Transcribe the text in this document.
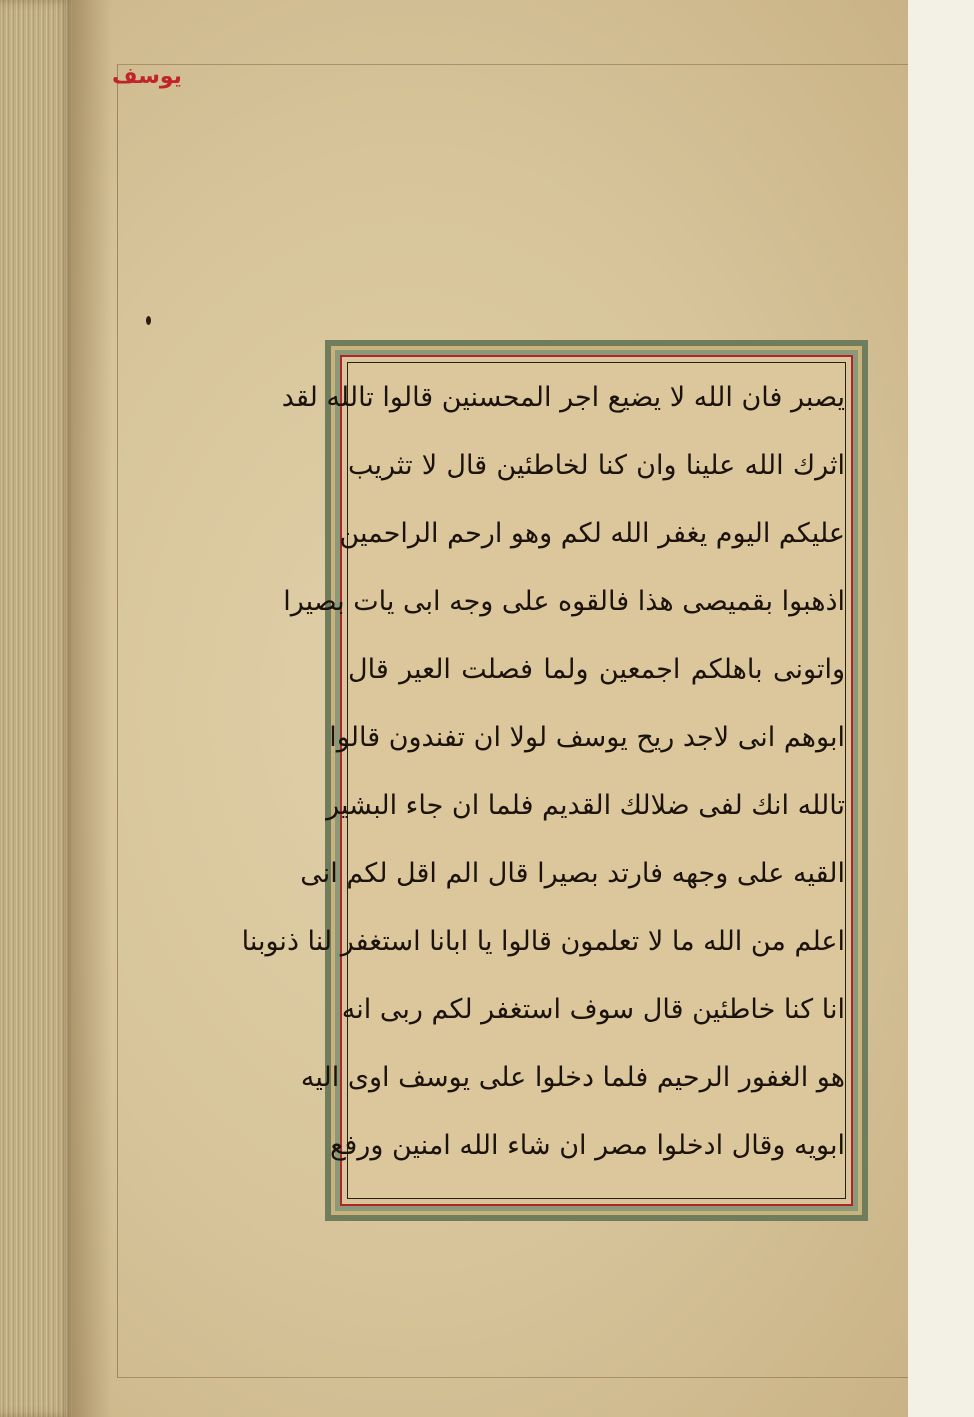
یوسف
یصبر فان الله لا یضیع اجر المحسنین قالوا تالله لقد
اثرك الله علینا وان كنا لخاطئین قال لا تثریب
علیكم الیوم یغفر الله لكم وهو ارحم الراحمین
اذهبوا بقمیصی هذا فالقوه علی وجه ابی یات بصیرا
واتونی باهلكم اجمعین ولما فصلت العیر قال
ابوهم انی لاجد ریح یوسف لولا ان تفندون قالوا
تالله انك لفی ضلالك القدیم فلما ان جاء البشیر
القیه علی وجهه فارتد بصیرا قال الم اقل لكم انی
اعلم من الله ما لا تعلمون قالوا یا ابانا استغفر لنا ذنوبنا
انا كنا خاطئین قال سوف استغفر لكم ربی انه
هو الغفور الرحیم فلما دخلوا علی یوسف اوی الیه
ابویه وقال ادخلوا مصر ان شاء الله امنین ورفع
